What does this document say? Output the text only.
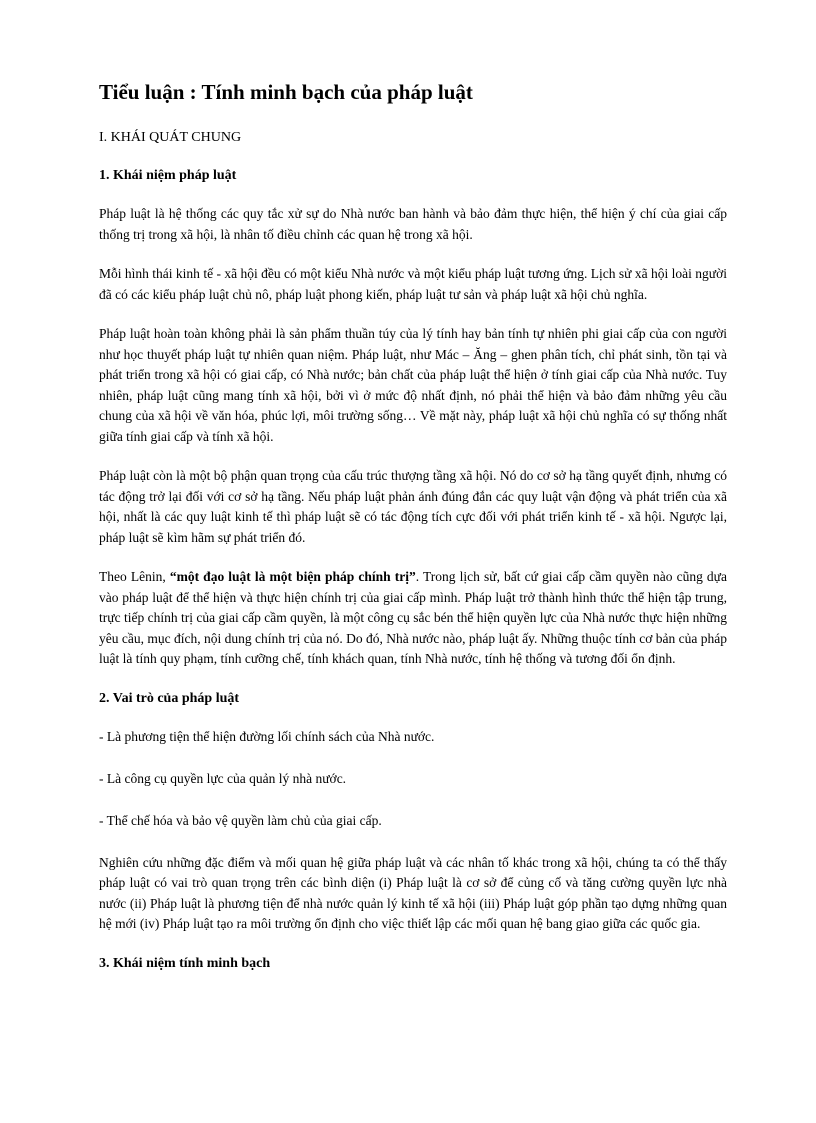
Tiểu luận : Tính minh bạch của pháp luật
I. KHÁI QUÁT CHUNG
1. Khái niệm pháp luật

Pháp luật là hệ thống các quy tắc xử sự do Nhà nước ban hành và bảo đảm thực hiện, thể hiện ý chí của giai cấp thống trị trong xã hội, là nhân tố điều chỉnh các quan hệ trong xã hội.

Mỗi hình thái kinh tế - xã hội đều có một kiểu Nhà nước và một kiểu pháp luật tương ứng. Lịch sử xã hội loài người đã có các kiểu pháp luật chủ nô, pháp luật phong kiến, pháp luật tư sản và pháp luật xã hội chủ nghĩa.

Pháp luật hoàn toàn không phải là sản phẩm thuần túy của lý tính hay bản tính tự nhiên phi giai cấp của con người như học thuyết pháp luật tự nhiên quan niệm. Pháp luật, như Mác – Ăng – ghen phân tích, chỉ phát sinh, tồn tại và phát triển trong xã hội có giai cấp, có Nhà nước; bản chất của pháp luật thể hiện ở tính giai cấp của Nhà nước. Tuy nhiên, pháp luật cũng mang tính xã hội, bởi vì ở mức độ nhất định, nó phải thể hiện và bảo đảm những yêu cầu chung của xã hội về văn hóa, phúc lợi, môi trường sống… Về mặt này, pháp luật xã hội chủ nghĩa có sự thống nhất giữa tính giai cấp và tính xã hội.

Pháp luật còn là một bộ phận quan trọng của cấu trúc thượng tầng xã hội. Nó do cơ sở hạ tầng quyết định, nhưng có tác động trở lại đối với cơ sở hạ tầng. Nếu pháp luật phản ánh đúng đắn các quy luật vận động và phát triển của xã hội, nhất là các quy luật kinh tế thì pháp luật sẽ có tác động tích cực đối với phát triển kinh tế - xã hội. Ngược lại, pháp luật sẽ kìm hãm sự phát triển đó.

Theo Lênin, “một đạo luật là một biện pháp chính trị”. Trong lịch sử, bất cứ giai cấp cầm quyền nào cũng dựa vào pháp luật để thể hiện và thực hiện chính trị của giai cấp mình. Pháp luật trở thành hình thức thể hiện tập trung, trực tiếp chính trị của giai cấp cầm quyền, là một công cụ sắc bén thể hiện quyền lực của Nhà nước thực hiện những yêu cầu, mục đích, nội dung chính trị của nó. Do đó, Nhà nước nào, pháp luật ấy. Những thuộc tính cơ bản của pháp luật là tính quy phạm, tính cưỡng chế, tính khách quan, tính Nhà nước, tính hệ thống và tương đối ổn định.

2. Vai trò của pháp luật

- Là phương tiện thể hiện đường lối chính sách của Nhà nước.

- Là công cụ quyền lực của quản lý nhà nước.

- Thể chế hóa và bảo vệ quyền làm chủ của giai cấp.

Nghiên cứu những đặc điểm và mối quan hệ giữa pháp luật và các nhân tố khác trong xã hội, chúng ta có thể thấy pháp luật có vai trò quan trọng trên các bình diện (i) Pháp luật là cơ sở để củng cố và tăng cường quyền lực nhà nước (ii) Pháp luật là phương tiện để nhà nước quản lý kinh tế xã hội (iii) Pháp luật góp phần tạo dựng những quan hệ mới (iv) Pháp luật tạo ra môi trường ổn định cho việc thiết lập các mối quan hệ bang giao giữa các quốc gia.

3. Khái niệm tính minh bạch
